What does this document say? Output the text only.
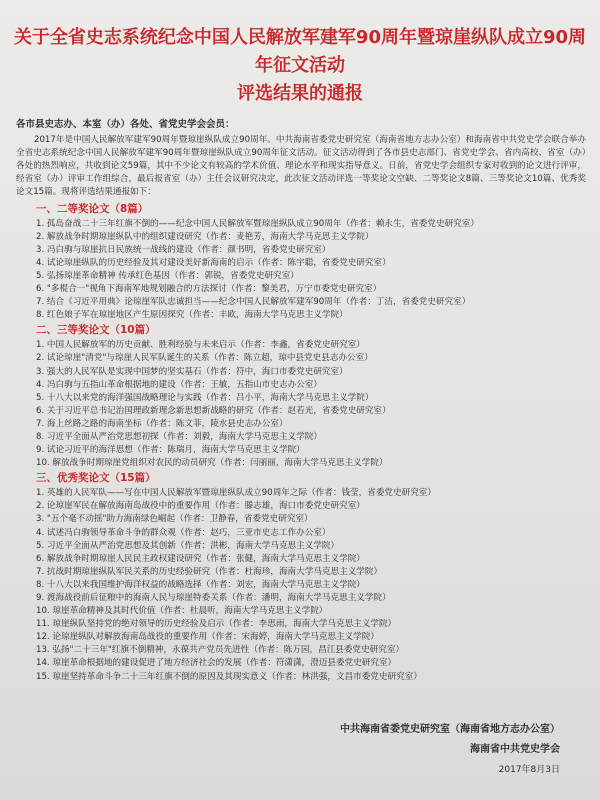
关于全省史志系统纪念中国人民解放军建军90周年暨琼崖纵队成立90周年征文活动
评选结果的通报
各市县史志办、本室（办）各处、省党史学会会员：

2017年是中国人民解放军建军90周年暨琼崖纵队成立90周年。中共海南省委党史研究室（海南省地方志办公室）和海南省中共党史学会联合举办全省史志系统纪念中国人民解放军建军90周年暨琼崖纵队成立90周年征文活动。征文活动得到了各市县史志部门、省党史学会、省内高校、省室（办）各处的热烈响应，共收到论文59篇，其中不少论文有较高的学术价值、理论水平和现实指导意义。日前，省党史学会组织专家对收到的论文进行评审，经省室（办）评审工作组综合，最后报省室（办）主任会议研究决定，此次征文活动评选一等奖论文空缺、二等奖论文8篇、三等奖论文10篇、优秀奖论文15篇。现将评选结果通报如下：

一、二等奖论文（8篇）
1. 孤岛奋战二十三年红旗不倒的——纪念中国人民解放军暨琼崖纵队成立90周年（作者：赖永生，省委党史研究室）
2. 解放战争时期琼崖纵队中的组织建设研究（作者：麦艳芳，海南大学马克思主义学院）
3. 冯白驹与琼崖抗日民族统一战线的建设（作者：颜书明，省委党史研究室）
4. 试论琼崖纵队的历史经验及其对建设美好新海南的启示（作者：陈宇聪，省委党史研究室）
5. 弘扬琼崖革命精神 传承红色基因（作者：郭锐，省委党史研究室）
6. "多棍合一"视角下海南军地规划融合的方法探讨（作者：黎美君，万宁市委党史研究室）
7. 结合《习近平用典》论琼崖军队忠诚担当——纪念中国人民解放军建军90周年（作者：丁洁，省委党史研究室）
8. 红色娘子军在琼崖地区产生原因探究（作者：丰欧，海南大学马克思主义学院）
二、三等奖论文（10篇）
1. 中国人民解放军的历史贡献、胜利经验与未来启示（作者：李鑫，省委党史研究室）
2. 试论琼崖"清党"与琼崖人民军队诞生的关系（作者：陈立超，琼中县党史县志办公室）
3. 强大的人民军队是实现中国梦的坚实基石（作者：符中，海口市委党史研究室）
4. 冯白驹与五指山革命根据地的建设（作者：王敏，五指山市史志办公室）
5. 十八大以来党的海洋强国战略理论与实践（作者：吕小平，海南大学马克思主义学院）
6. 关于习近平总书记治国理政新理念新思想新战略的研究（作者：赵若光，省委党史研究室）
7. 海上丝路之路的海南坐标（作者：陈文菲，陵水县史志办公室）
8. 习近平全面从严治党思想初探（作者：刘毅，海南大学马克思主义学院）
9. 试论习近平的海洋思想（作者：陈瑞月，海南大学马克思主义学院）
10. 解放战争时期琼崖党组织对农民的动员研究（作者：闫丽丽，海南大学马克思主义学院）
三、优秀奖论文（15篇）
1. 英雄的人民军队——写在中国人民解放军暨琼崖纵队成立90周年之际（作者：钱莹，省委党史研究室）
2. 论琼崖军民在解放海南岛战役中的重要作用（作者：滕志雄，海口市委党史研究室）
3. "五个毫不动摇"助力海南绿色崛起（作者：卫静春，省委党史研究室）
4. 试述冯白驹领导革命斗争的群众观（作者：赵巧，三亚市史志工作办公室）
5. 习近平全面从严治党思想及其创新（作者：洪彬，海南大学马克思主义学院）
6. 解放战争时期琼崖人民民主政权建设研究（作者：张健，海南大学马克思主义学院）
7. 抗战时期琼崖纵队军民关系的历史经验研究（作者：杜海珍，海南大学马克思主义学院）
8. 十八大以来我国维护海洋权益的战略选择（作者：刘宏，海南大学马克思主义学院）
9. 渡海战役前后征粮中的海南人民与琼崖特委关系（作者：潘明，海南大学马克思主义学院）
10. 琼崖革命精神及其时代价值（作者：杜晨听，海南大学马克思主义学院）
11. 琼崖纵队坚持党的绝对领导的历史经验及启示（作者：李思雨，海南大学马克思主义学院）
12. 论琼崖纵队对解放海南岛战役的重要作用（作者：宋海婷，海南大学马克思主义学院）
13. 弘扬"二十三年"红旗不倒精神，永葆共产党员先进性（作者：陈万园，昌江县委党史研究室）
14. 琼崖革命根据地的建设促进了地方经济社会的发展（作者：符潇潇，澄迈县委党史研究室）
15. 琼崖坚持革命斗争二十三年红旗不倒的原因及其现实意义（作者：林洪强，文昌市委党史研究室）
中共海南省委党史研究室（海南省地方志办公室）
海南省中共党史学会
2017年8月3日
